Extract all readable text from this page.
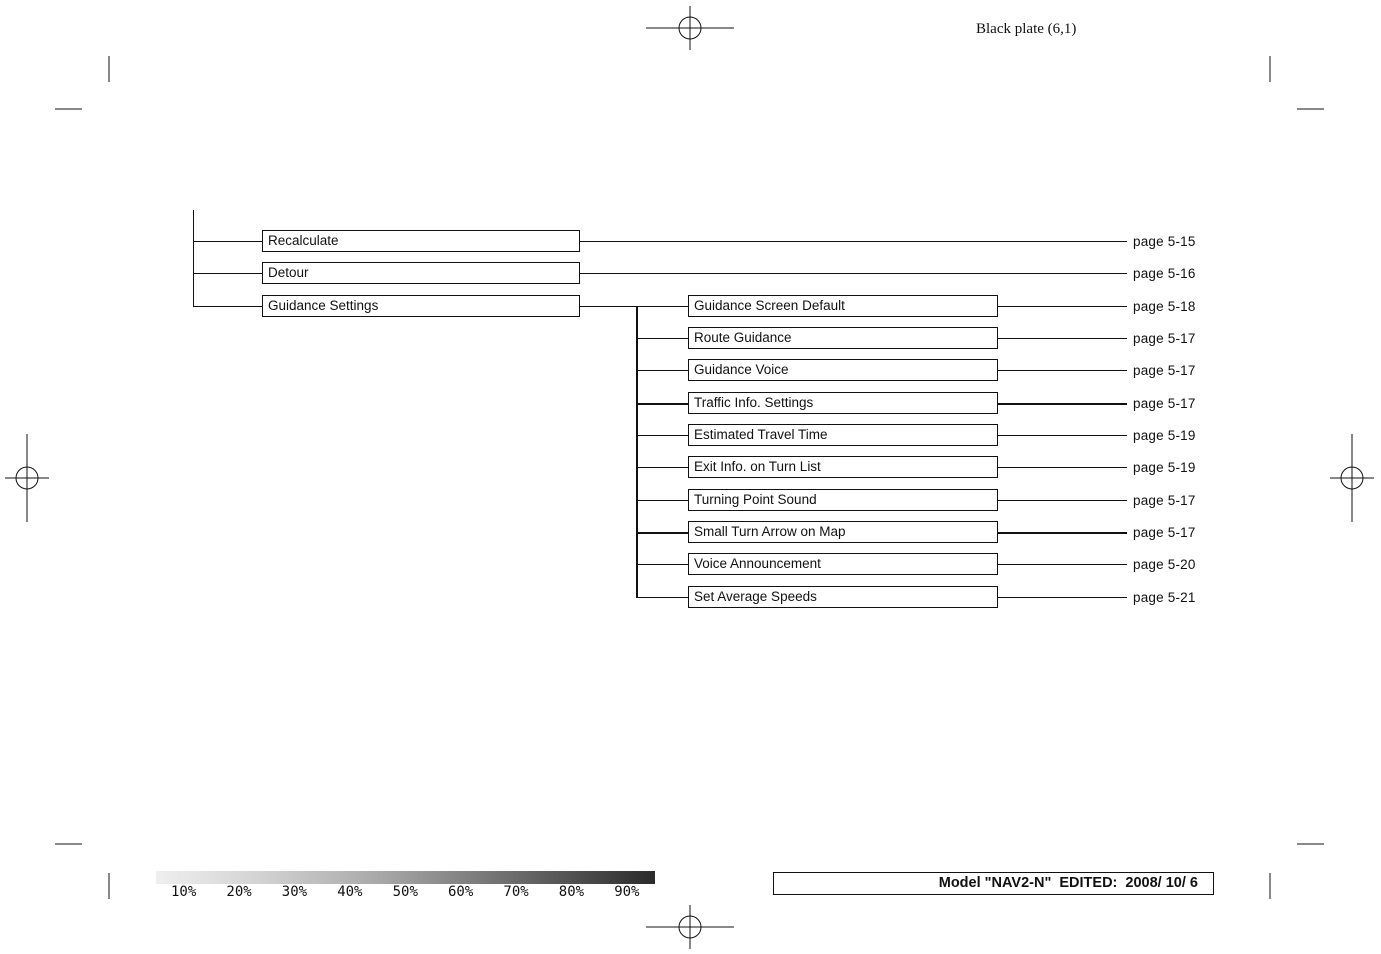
Black plate (6,1)
Recalculate	page 5-15
Detour	page 5-16
Guidance Settings	Guidance Screen Default	page 5-18
Route Guidance	page 5-17
Guidance Voice	page 5-17
Traffic Info. Settings	page 5-17
Estimated Travel Time	page 5-19
Exit Info. on Turn List	page 5-19
Turning Point Sound	page 5-17
Small Turn Arrow on Map	page 5-17
Voice Announcement	page 5-20
Set Average Speeds	page 5-21
10% 20% 30% 40% 50% 60% 70% 80% 90%
Model "NAV2-N"  EDITED:  2008/ 10/ 6
